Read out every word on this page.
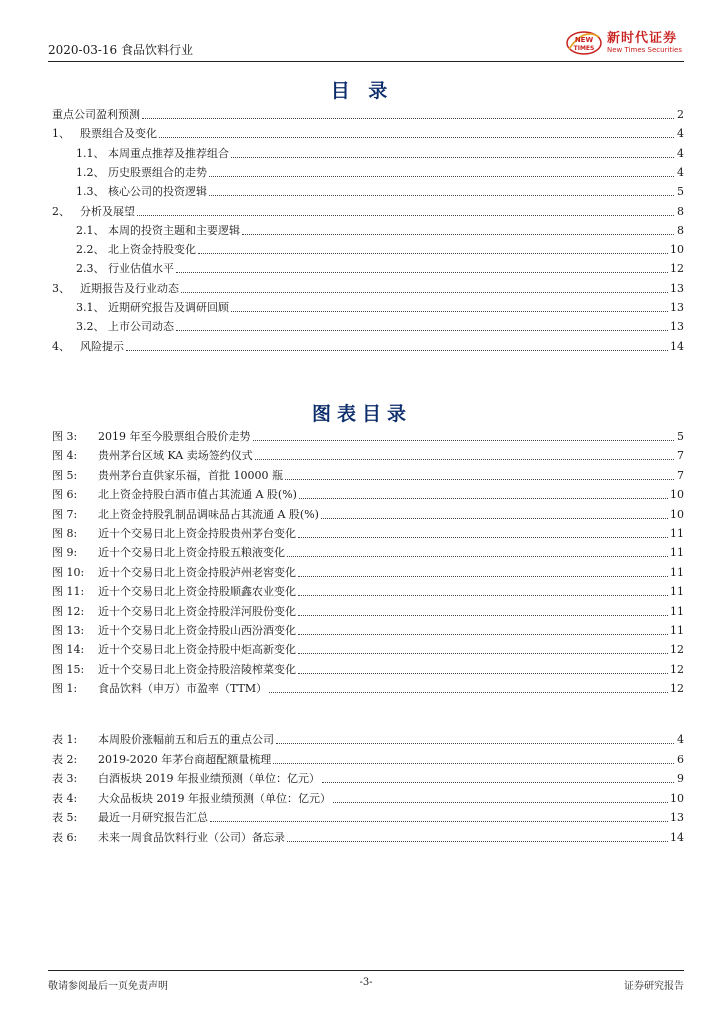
2020-03-16 食品饮料行业
NEW
TIMES
新时代证券
New Times Securities
目 录
重点公司盈利预测	2
1、 股票组合及变化	4
1.1、 本周重点推荐及推荐组合	4
1.2、 历史股票组合的走势	4
1.3、 核心公司的投资逻辑	5
2、 分析及展望	8
2.1、 本周的投资主题和主要逻辑	8
2.2、 北上资金持股变化	10
2.3、 行业估值水平	12
3、 近期报告及行业动态	13
3.1、 近期研究报告及调研回顾	13
3.2、 上市公司动态	13
4、 风险提示	14
图表目录
图 3: 2019 年至今股票组合股价走势	5
图 4: 贵州茅台区域 KA 卖场签约仪式	7
图 5: 贵州茅台直供家乐福，首批 10000 瓶	7
图 6: 北上资金持股白酒市值占其流通 A 股(%)	10
图 7: 北上资金持股乳制品调味品占其流通 A 股(%)	10
图 8: 近十个交易日北上资金持股贵州茅台变化	11
图 9: 近十个交易日北上资金持股五粮液变化	11
图 10: 近十个交易日北上资金持股泸州老窖变化	11
图 11: 近十个交易日北上资金持股顺鑫农业变化	11
图 12: 近十个交易日北上资金持股洋河股份变化	11
图 13: 近十个交易日北上资金持股山西汾酒变化	11
图 14: 近十个交易日北上资金持股中炬高新变化	12
图 15: 近十个交易日北上资金持股涪陵榨菜变化	12
图 1: 食品饮料（申万）市盈率（TTM）	12
表 1: 本周股价涨幅前五和后五的重点公司	4
表 2: 2019-2020 年茅台商超配额量梳理	6
表 3: 白酒板块 2019 年报业绩预测（单位：亿元）	9
表 4: 大众品板块 2019 年报业绩预测（单位：亿元）	10
表 5: 最近一月研究报告汇总	13
表 6: 未来一周食品饮料行业（公司）备忘录	14
敬请参阅最后一页免责声明	-3-	证券研究报告
